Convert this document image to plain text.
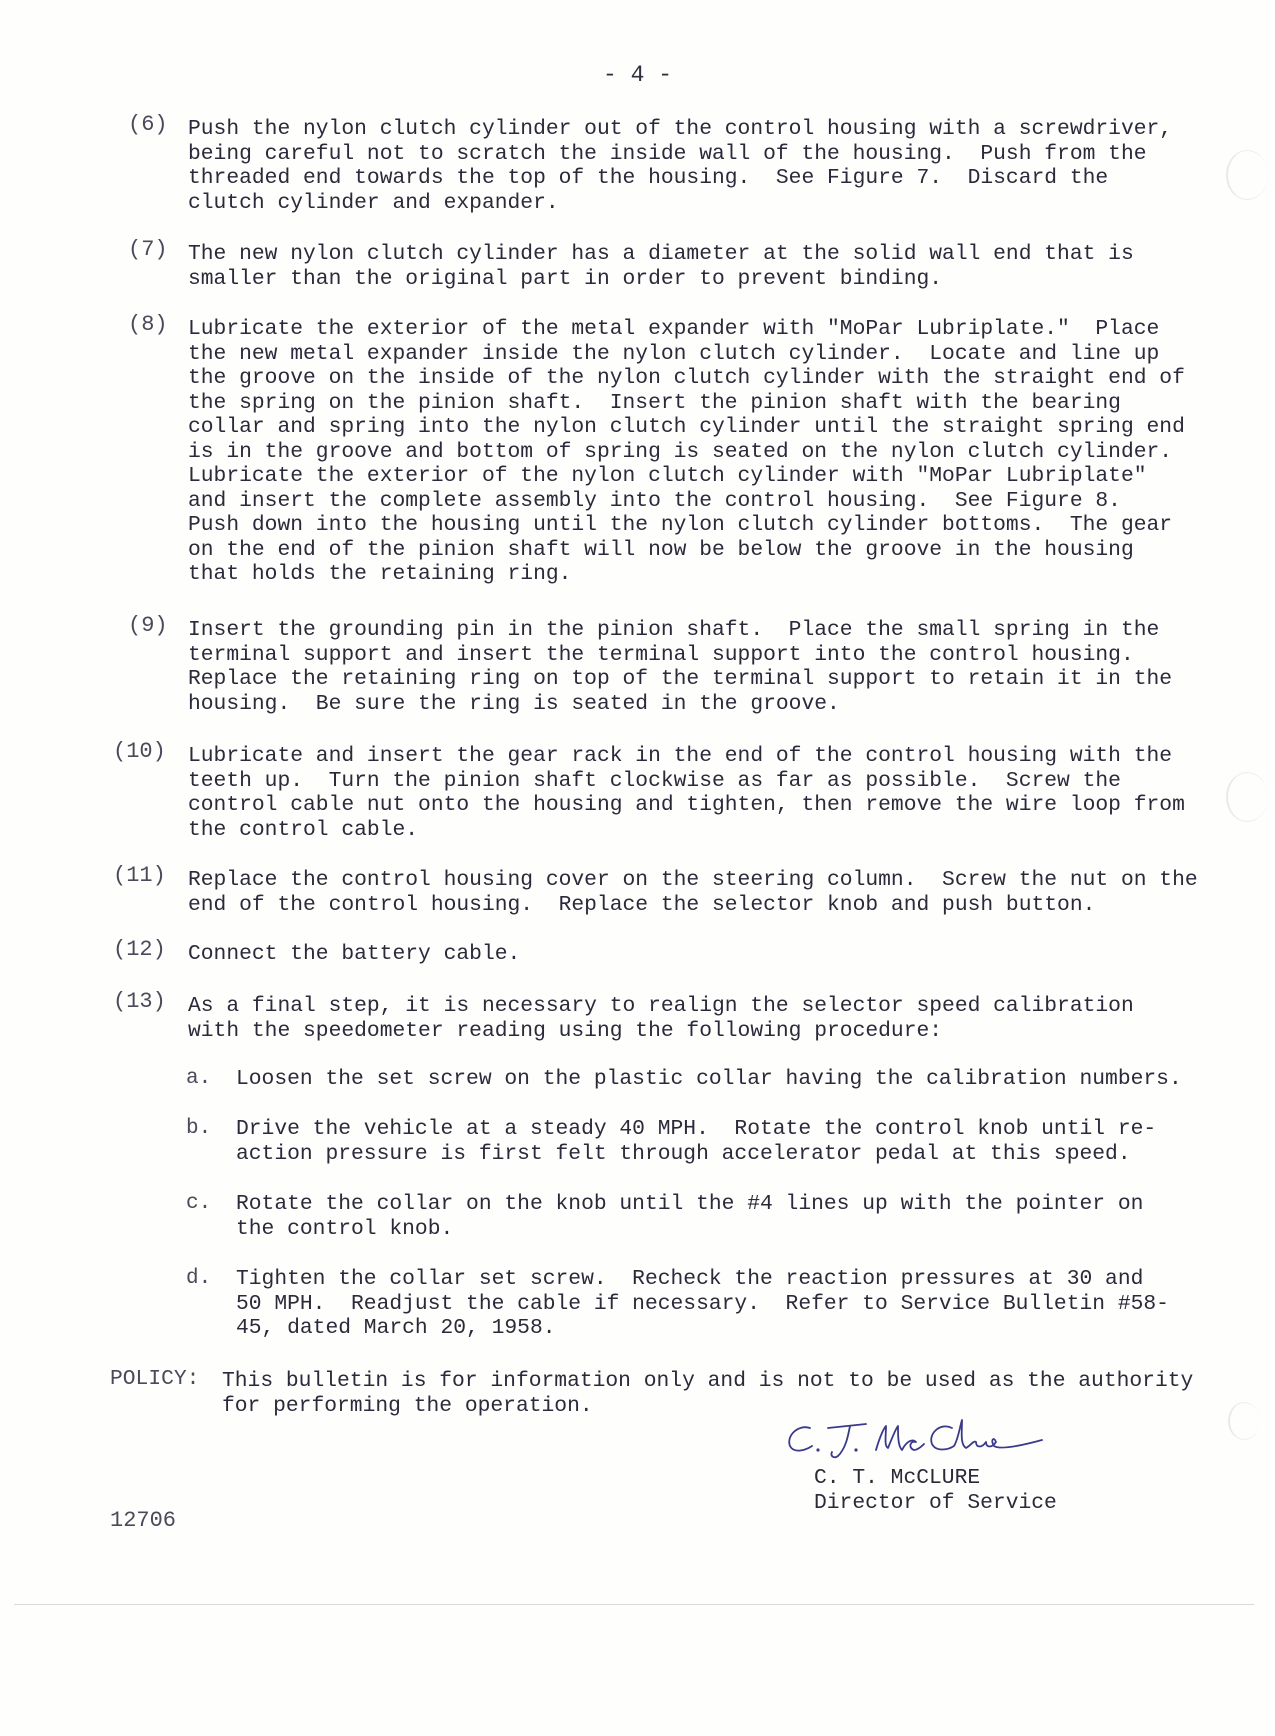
- 4 -
(6) Push the nylon clutch cylinder out of the control housing with a screwdriver,
being careful not to scratch the inside wall of the housing.  Push from the
threaded end towards the top of the housing.  See Figure 7.  Discard the
clutch cylinder and expander.
(7) The new nylon clutch cylinder has a diameter at the solid wall end that is
smaller than the original part in order to prevent binding.
(8) Lubricate the exterior of the metal expander with "MoPar Lubriplate."  Place
the new metal expander inside the nylon clutch cylinder.  Locate and line up
the groove on the inside of the nylon clutch cylinder with the straight end of
the spring on the pinion shaft.  Insert the pinion shaft with the bearing
collar and spring into the nylon clutch cylinder until the straight spring end
is in the groove and bottom of spring is seated on the nylon clutch cylinder.
Lubricate the exterior of the nylon clutch cylinder with "MoPar Lubriplate"
and insert the complete assembly into the control housing.  See Figure 8.
Push down into the housing until the nylon clutch cylinder bottoms.  The gear
on the end of the pinion shaft will now be below the groove in the housing
that holds the retaining ring.
(9) Insert the grounding pin in the pinion shaft.  Place the small spring in the
terminal support and insert the terminal support into the control housing.
Replace the retaining ring on top of the terminal support to retain it in the
housing.  Be sure the ring is seated in the groove.
(10) Lubricate and insert the gear rack in the end of the control housing with the
teeth up.  Turn the pinion shaft clockwise as far as possible.  Screw the
control cable nut onto the housing and tighten, then remove the wire loop from
the control cable.
(11) Replace the control housing cover on the steering column.  Screw the nut on the
end of the control housing.  Replace the selector knob and push button.
(12) Connect the battery cable.
(13) As a final step, it is necessary to realign the selector speed calibration
with the speedometer reading using the following procedure:
a. Loosen the set screw on the plastic collar having the calibration numbers.
b. Drive the vehicle at a steady 40 MPH.  Rotate the control knob until re-
action pressure is first felt through accelerator pedal at this speed.
c. Rotate the collar on the knob until the #4 lines up with the pointer on
the control knob.
d. Tighten the collar set screw.  Recheck the reaction pressures at 30 and
50 MPH.  Readjust the cable if necessary.  Refer to Service Bulletin #58-
45, dated March 20, 1958.
POLICY: This bulletin is for information only and is not to be used as the authority
for performing the operation.
C. T. McCLURE
Director of Service
12706
